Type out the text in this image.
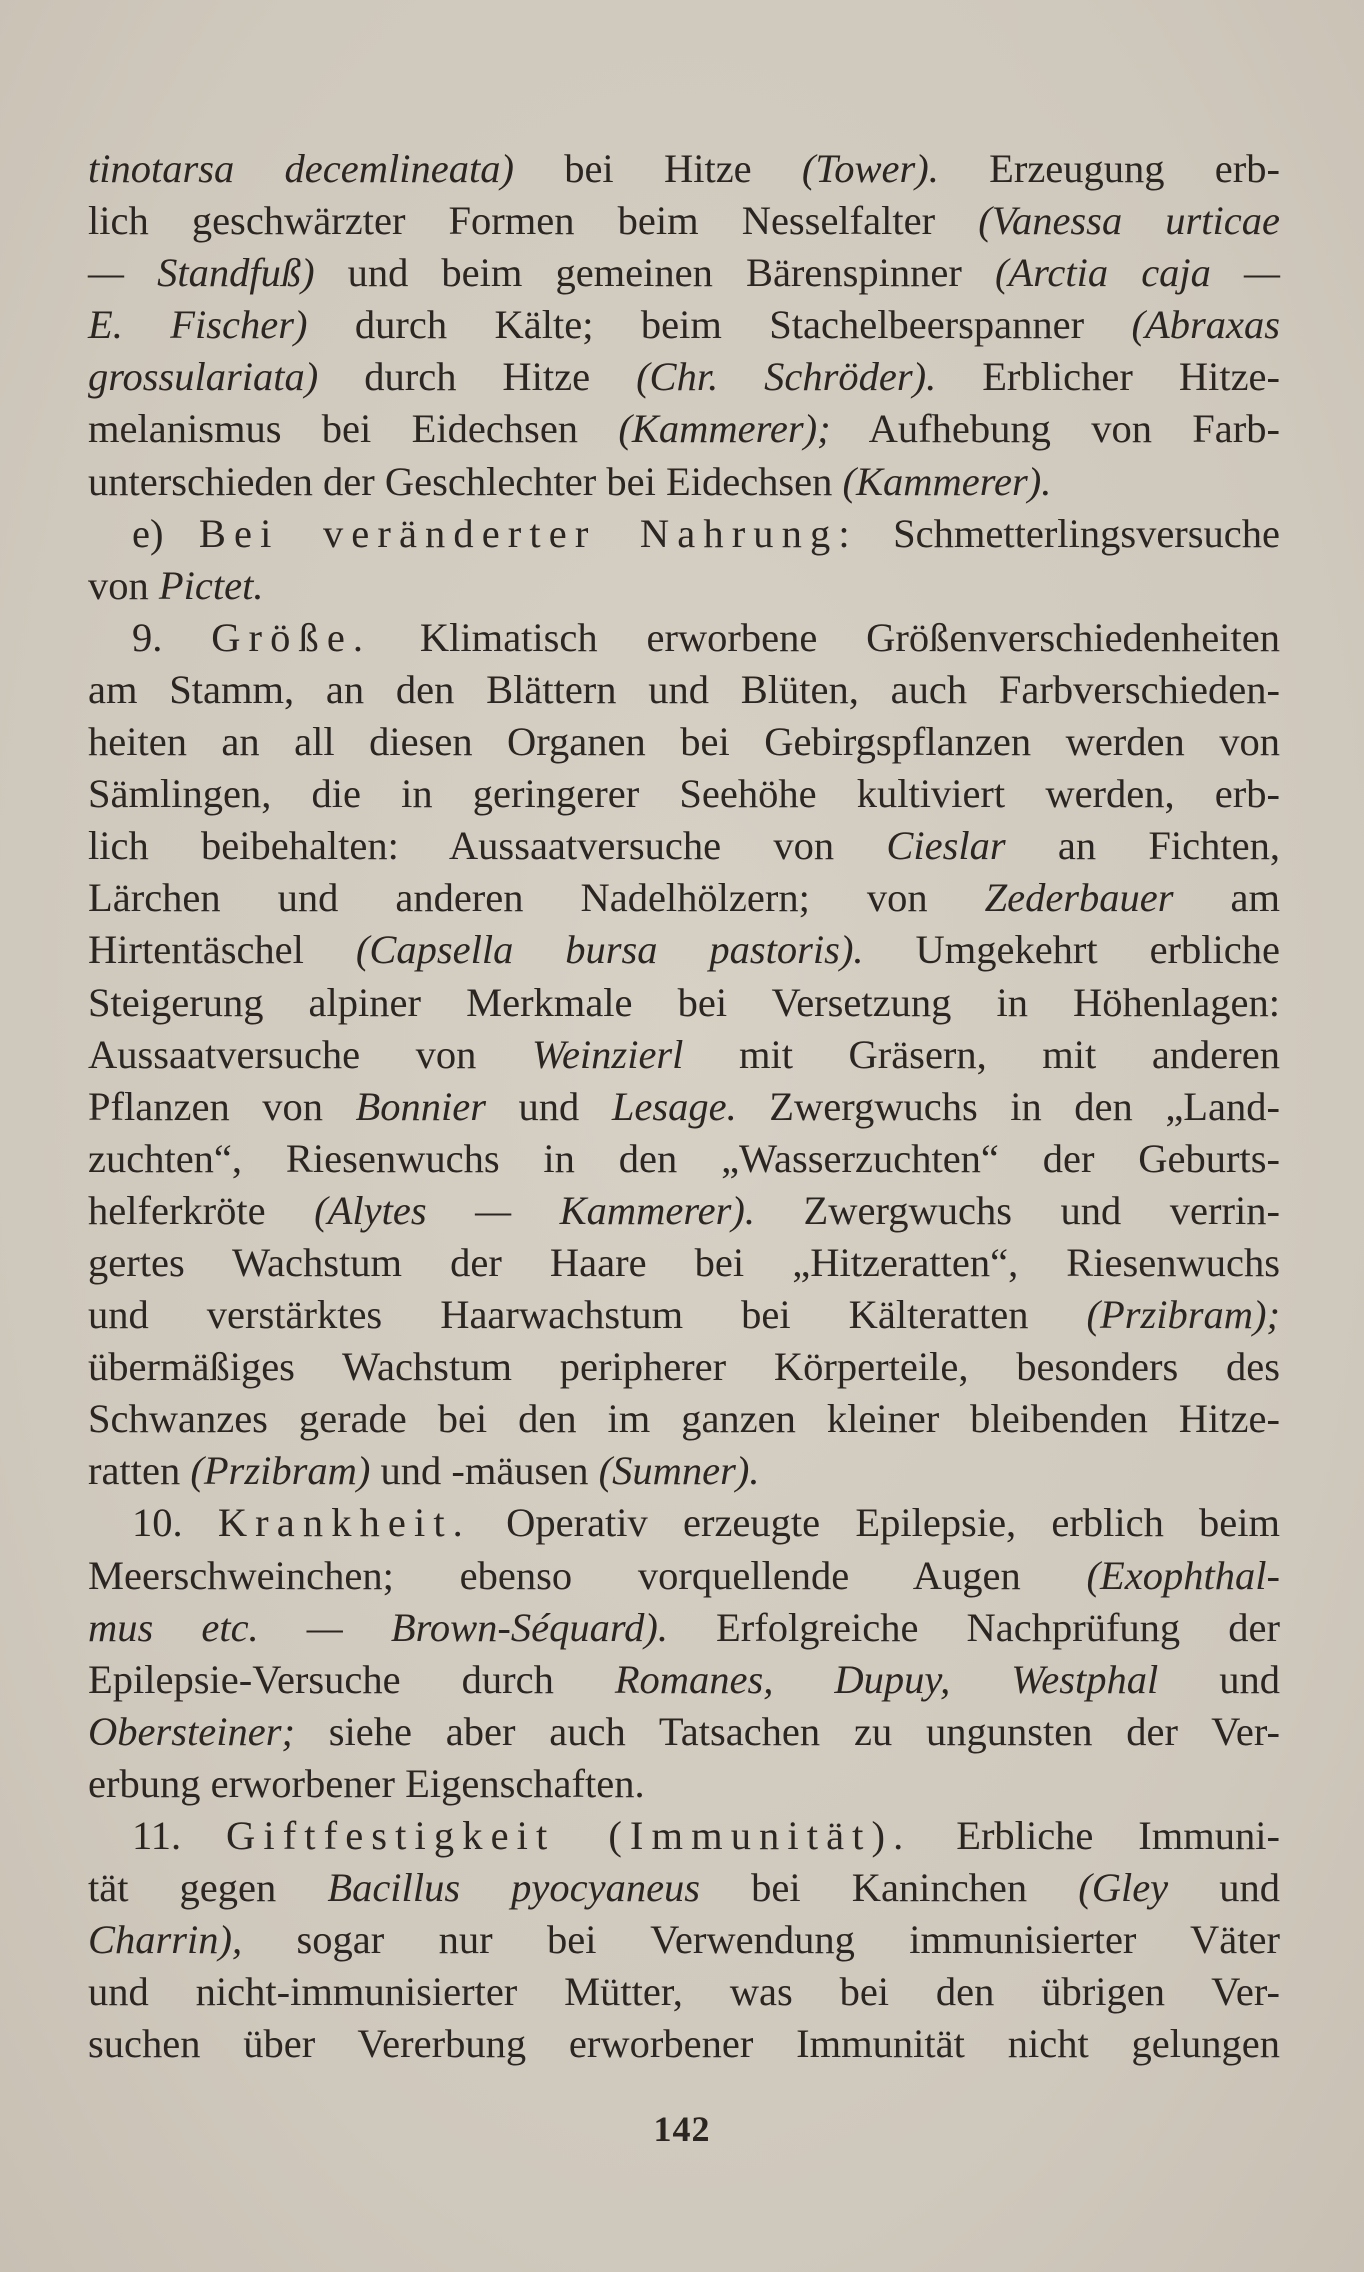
tinotarsa decemlineata) bei Hitze (Tower). Erzeugung erb-
lich geschwärzter Formen beim Nesselfalter (Vanessa urticae
— Standfuß) und beim gemeinen Bärenspinner (Arctia caja —
E. Fischer) durch Kälte; beim Stachelbeerspanner (Abraxas
grossulariata) durch Hitze (Chr. Schröder). Erblicher Hitze-
melanismus bei Eidechsen (Kammerer); Aufhebung von Farb-
unterschieden der Geschlechter bei Eidechsen (Kammerer).
e) Bei veränderter Nahrung: Schmetterlingsversuche
von Pictet.
9. Größe. Klimatisch erworbene Größenverschiedenheiten
am Stamm, an den Blättern und Blüten, auch Farbverschieden-
heiten an all diesen Organen bei Gebirgspflanzen werden von
Sämlingen, die in geringerer Seehöhe kultiviert werden, erb-
lich beibehalten: Aussaatversuche von Cieslar an Fichten,
Lärchen und anderen Nadelhölzern; von Zederbauer am
Hirtentäschel (Capsella bursa pastoris). Umgekehrt erbliche
Steigerung alpiner Merkmale bei Versetzung in Höhenlagen:
Aussaatversuche von Weinzierl mit Gräsern, mit anderen
Pflanzen von Bonnier und Lesage. Zwergwuchs in den „Land-
zuchten“, Riesenwuchs in den „Wasserzuchten“ der Geburts-
helferkröte (Alytes — Kammerer). Zwergwuchs und verrin-
gertes Wachstum der Haare bei „Hitzeratten“, Riesenwuchs
und verstärktes Haarwachstum bei Kälteratten (Przibram);
übermäßiges Wachstum peripherer Körperteile, besonders des
Schwanzes gerade bei den im ganzen kleiner bleibenden Hitze-
ratten (Przibram) und -mäusen (Sumner).
10. Krankheit. Operativ erzeugte Epilepsie, erblich beim
Meerschweinchen; ebenso vorquellende Augen (Exophthal-
mus etc. — Brown-Séquard). Erfolgreiche Nachprüfung der
Epilepsie-Versuche durch Romanes, Dupuy, Westphal und
Obersteiner; siehe aber auch Tatsachen zu ungunsten der Ver-
erbung erworbener Eigenschaften.
11. Giftfestigkeit (Immunität). Erbliche Immuni-
tät gegen Bacillus pyocyaneus bei Kaninchen (Gley und
Charrin), sogar nur bei Verwendung immunisierter Väter
und nicht-immunisierter Mütter, was bei den übrigen Ver-
suchen über Vererbung erworbener Immunität nicht gelungen
142
